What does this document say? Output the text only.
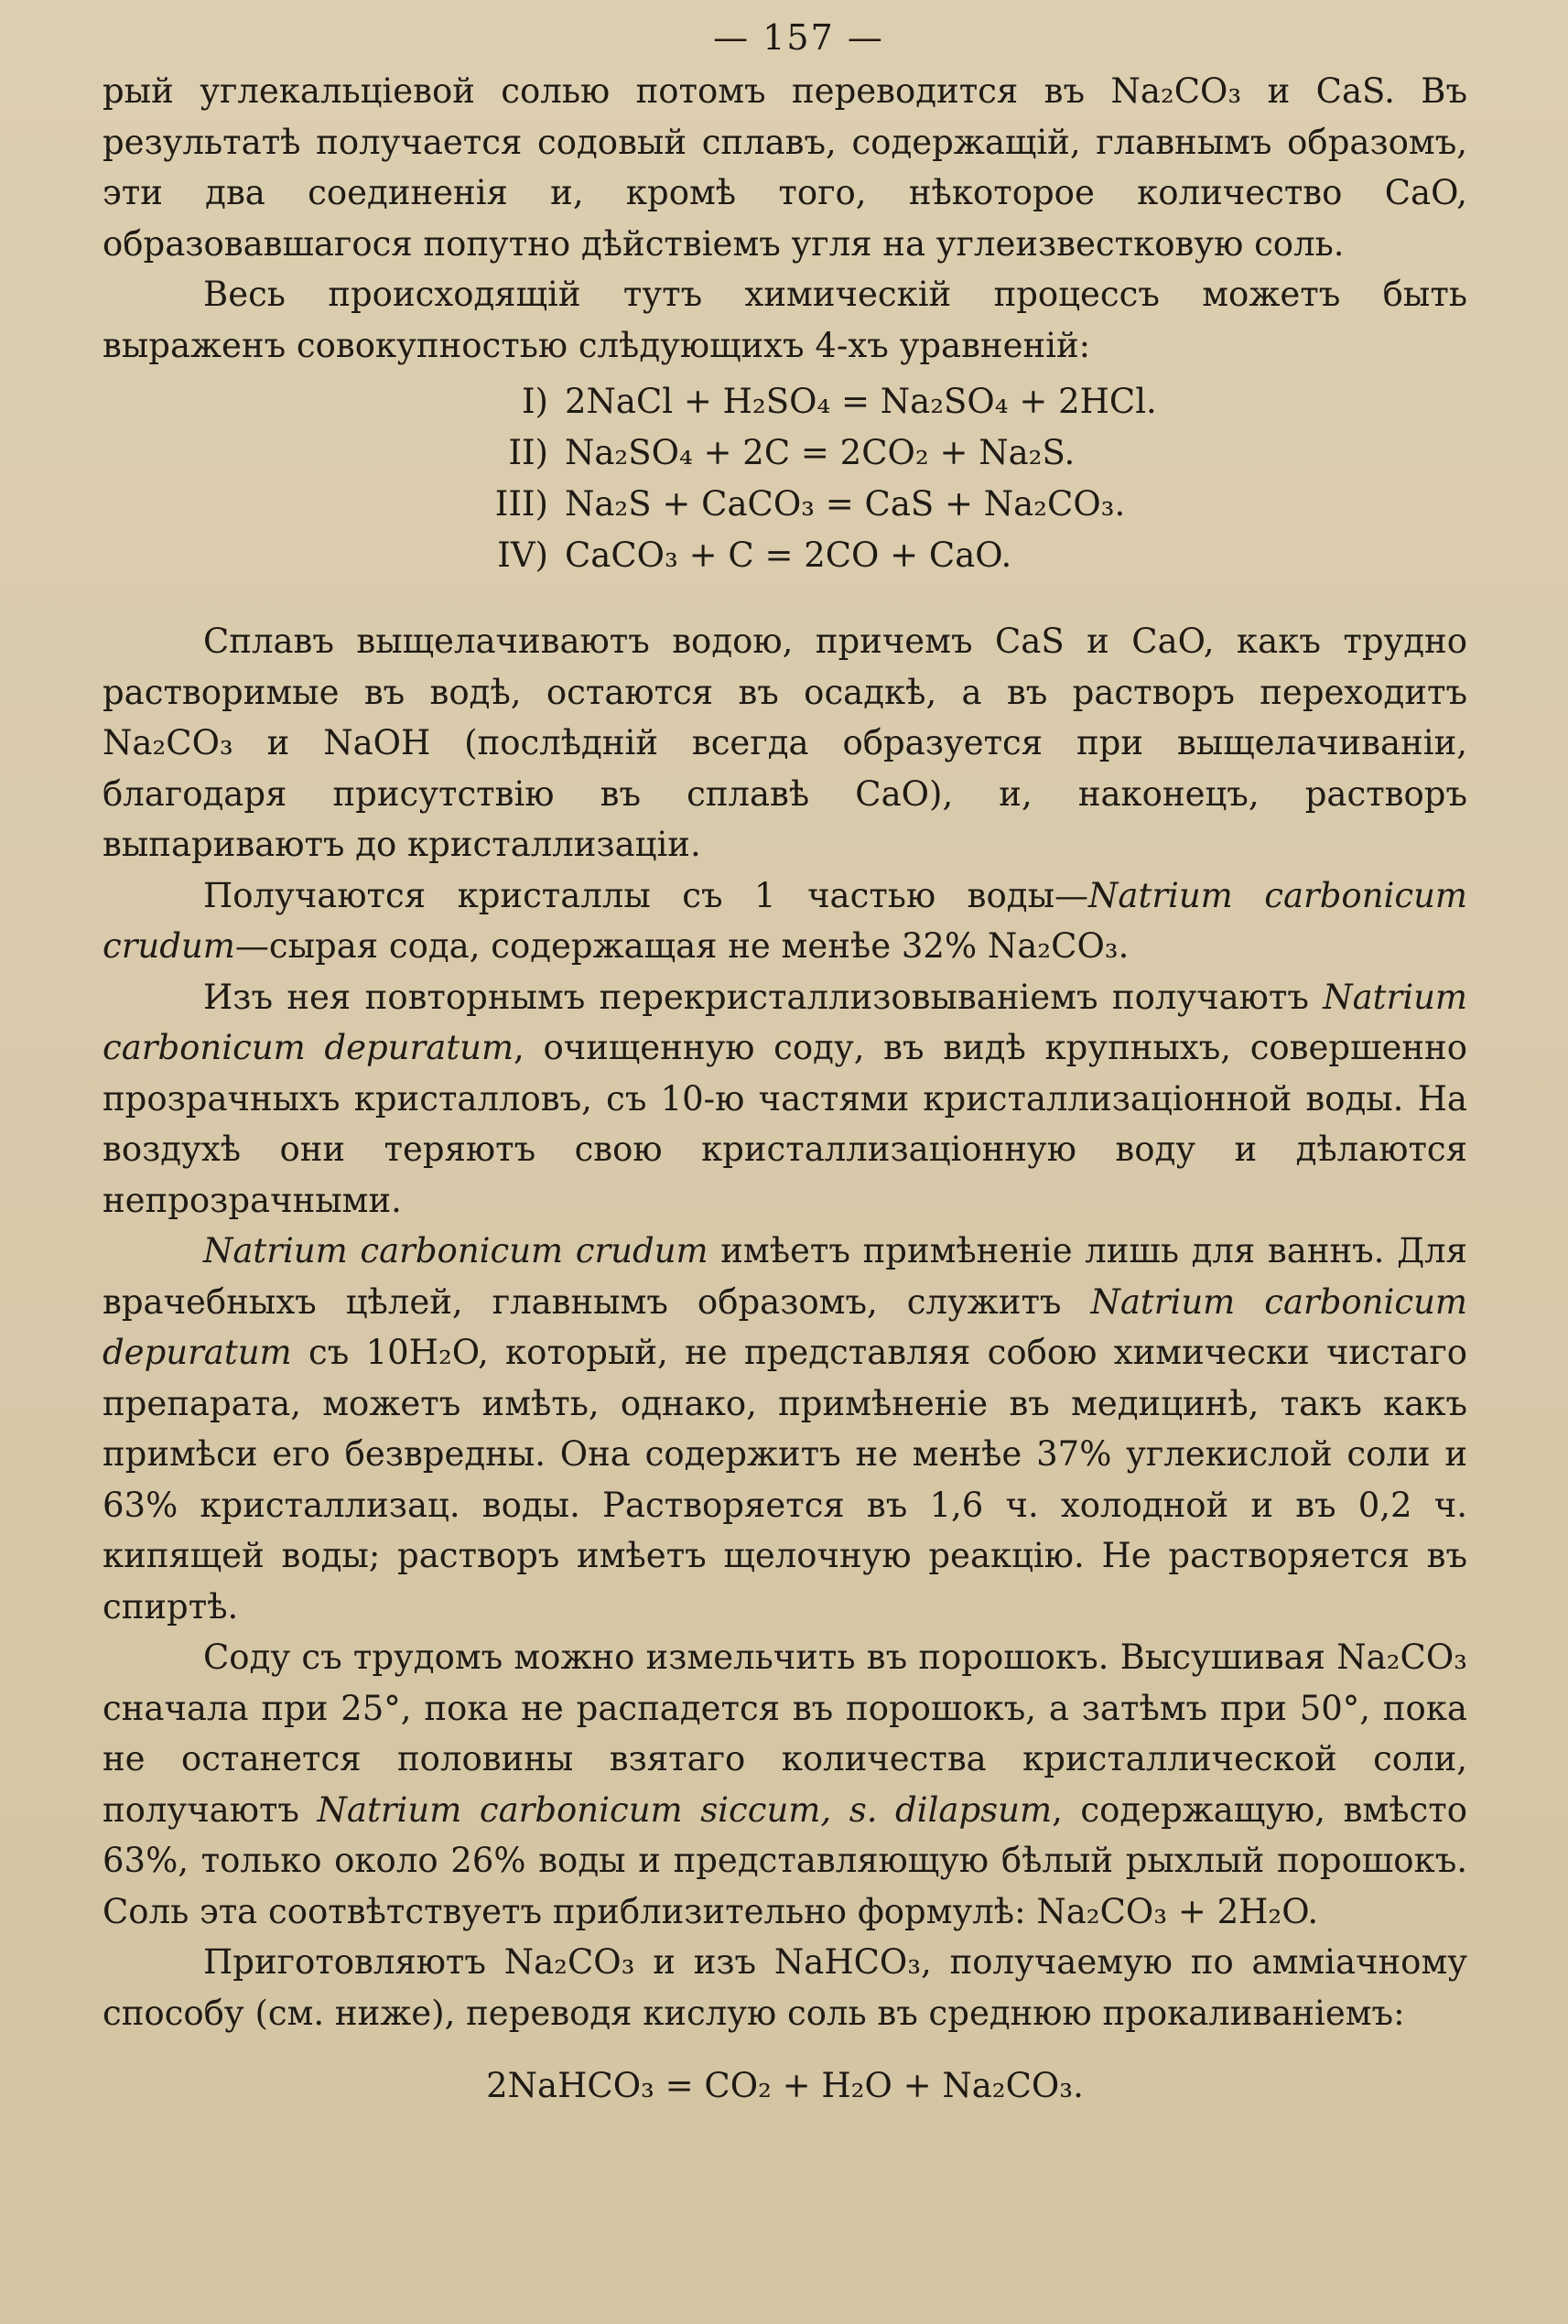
— 157 —

рый углекальцiевой солью потомъ переводится въ Na₂CO₃ и CaS. Въ результатѣ получается содовый сплавъ, содержащiй, главнымъ образомъ, эти два соединенiя и, кромѣ того, нѣкоторое количество CaO, образовавшагося попутно дѣйствiемъ угля на углеизвестковую соль.

Весь происходящiй тутъ химическiй процессъ можетъ быть выраженъ совокупностью слѣдующихъ 4-хъ уравненiй:

I) 2NaCl + H₂SO₄ = Na₂SO₄ + 2HCl.
II) Na₂SO₄ + 2C = 2CO₂ + Na₂S.
III) Na₂S + CaCO₃ = CaS + Na₂CO₃.
IV) CaCO₃ + C = 2CO + CaO.

Сплавъ выщелачиваютъ водою, причемъ CaS и CaO, какъ трудно растворимые въ водѣ, остаются въ осадкѣ, а въ растворъ переходитъ Na₂CO₃ и NaOH (послѣднiй всегда образуется при выщелачиванiи, благодаря присутствiю въ сплавѣ CaO), и, наконецъ, растворъ выпариваютъ до кристаллизацiи.

Получаются кристаллы съ 1 частью воды—Natrium carbonicum crudum—сырая сода, содержащая не менѣе 32% Na₂CO₃.

Изъ нея повторнымъ перекристаллизовыванiемъ получаютъ Natrium carbonicum depuratum, очищенную соду, въ видѣ крупныхъ, совершенно прозрачныхъ кристалловъ, съ 10-ю частями кристаллизацiонной воды. На воздухѣ они теряютъ свою кристаллизацiонную воду и дѣлаются непрозрачными.

Natrium carbonicum crudum имѣетъ примѣненiе лишь для ваннъ. Для врачебныхъ цѣлей, главнымъ образомъ, служитъ Natrium carbonicum depuratum съ 10H₂O, который, не представляя собою химически чистаго препарата, можетъ имѣть, однако, примѣненiе въ медицинѣ, такъ какъ примѣси его безвредны. Она содержитъ не менѣе 37% углекислой соли и 63% кристаллизац. воды. Растворяется въ 1,6 ч. холодной и въ 0,2 ч. кипящей воды; растворъ имѣетъ щелочную реакцiю. Не растворяется въ спиртѣ.

Соду съ трудомъ можно измельчить въ порошокъ. Высушивая Na₂CO₃ сначала при 25°, пока не распадется въ порошокъ, а затѣмъ при 50°, пока не останется половины взятаго количества кристаллической соли, получаютъ Natrium carbonicum siccum, s. dilapsum, содержащую, вмѣсто 63%, только около 26% воды и представляющую бѣлый рыхлый порошокъ. Соль эта соотвѣтствуетъ приблизительно формулѣ: Na₂CO₃ + 2H₂O.

Приготовляютъ Na₂CO₃ и изъ NaHCO₃, получаемую по аммiачному способу (см. ниже), переводя кислую соль въ среднюю прокаливанiемъ:

2NaHCO₃ = CO₂ + H₂O + Na₂CO₃.
